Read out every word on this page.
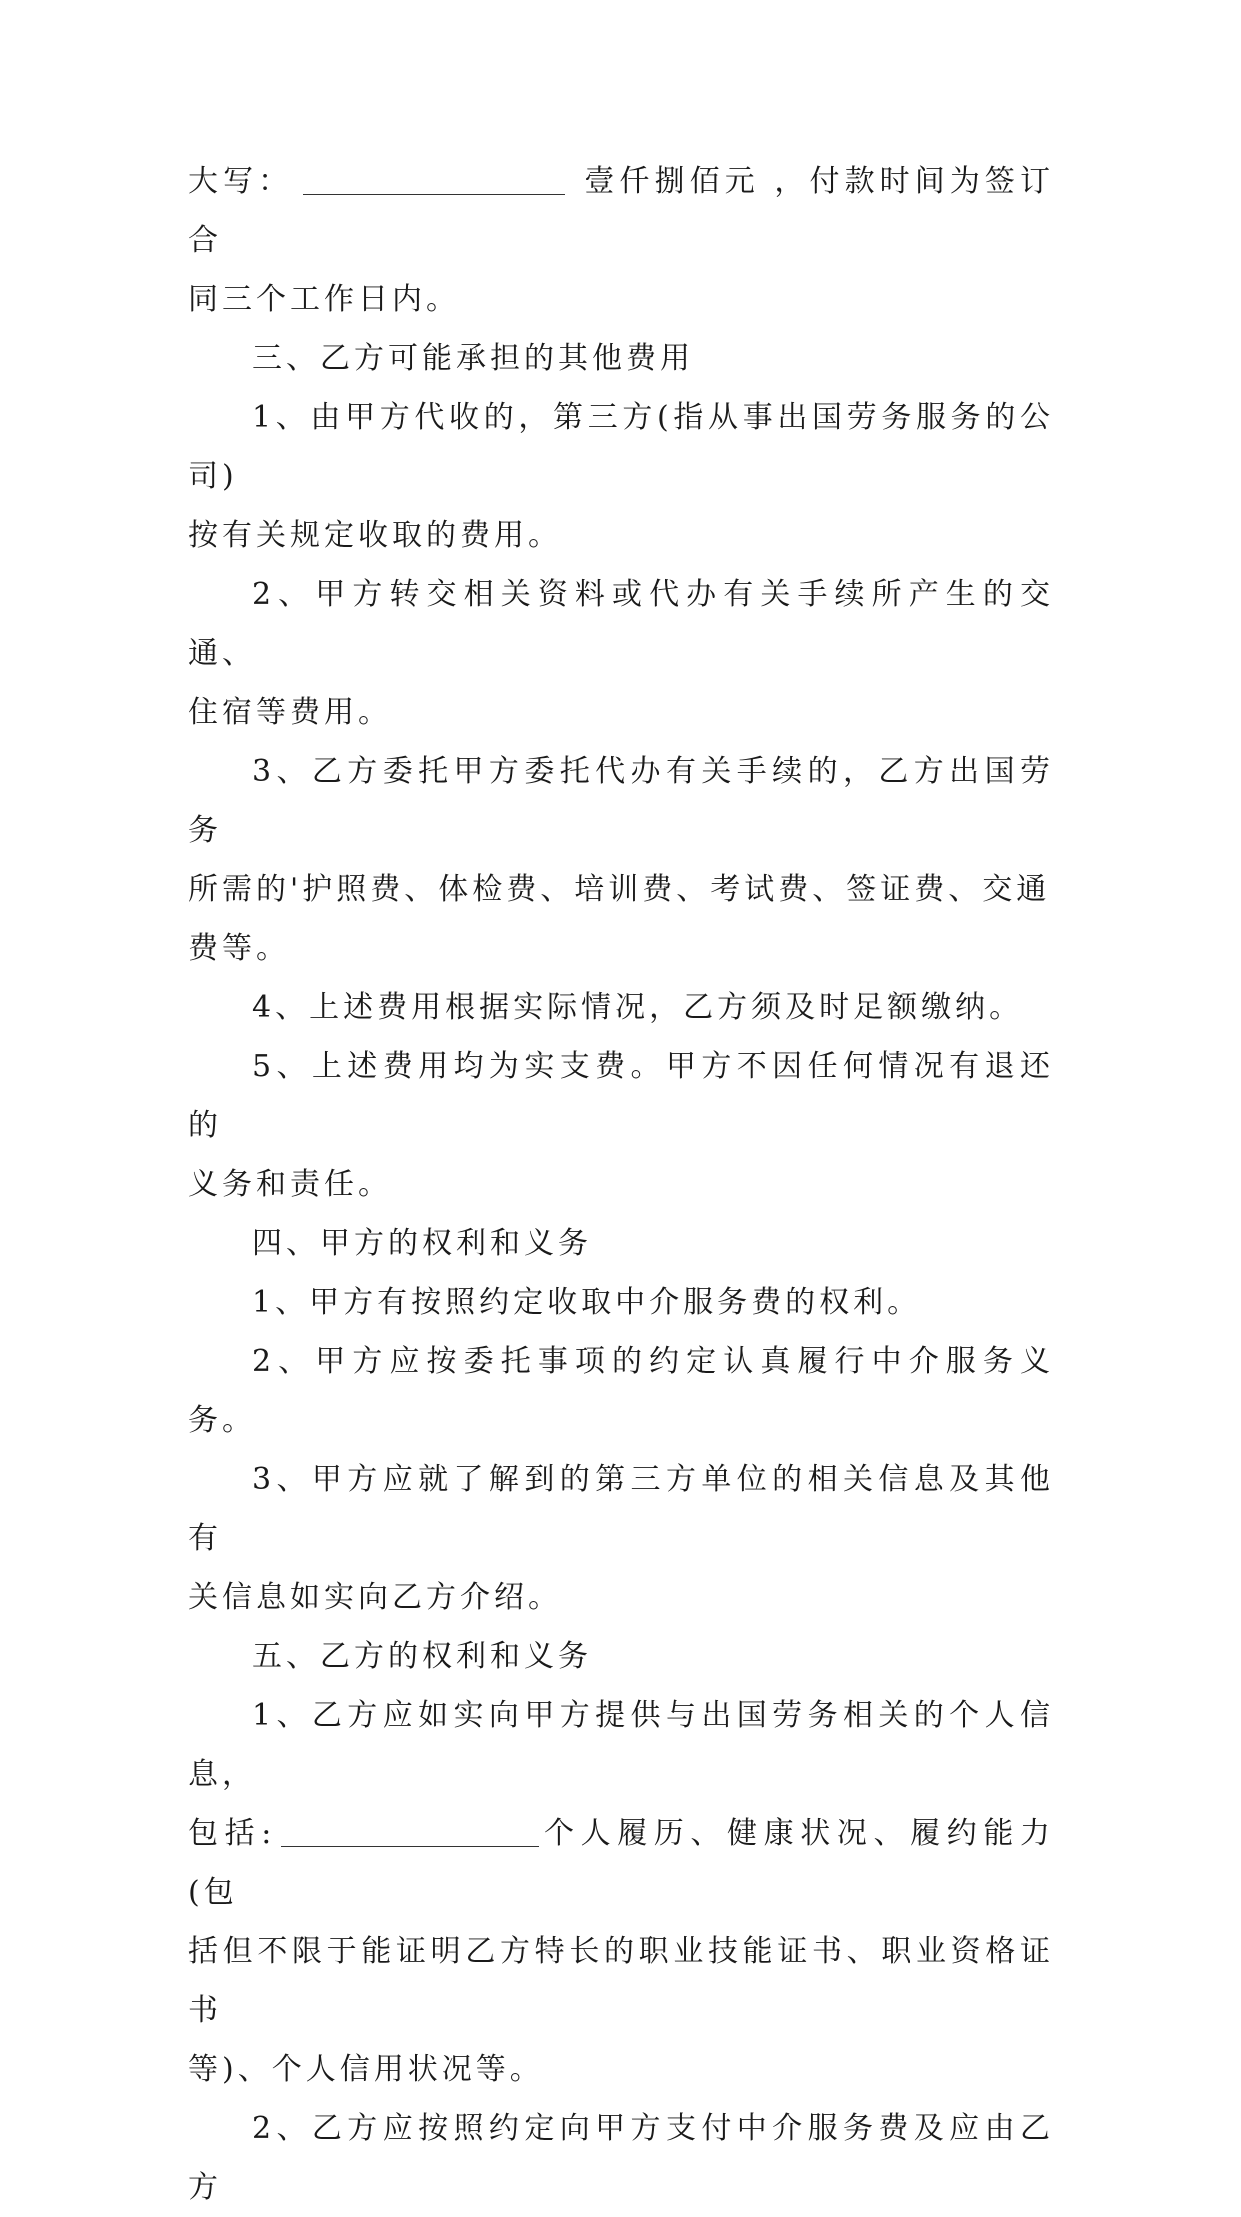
大写：	壹仟捌佰元 ，付款时间为签订合
同三个工作日内。

三、乙方可能承担的其他费用

1、由甲方代收的，第三方(指从事出国劳务服务的公司)
按有关规定收取的费用。

2、甲方转交相关资料或代办有关手续所产生的交通、
住宿等费用。

3、乙方委托甲方委托代办有关手续的，乙方出国劳务
所需的'护照费、体检费、培训费、考试费、签证费、交通
费等。

4、上述费用根据实际情况，乙方须及时足额缴纳。

5、上述费用均为实支费。甲方不因任何情况有退还的
义务和责任。

四、甲方的权利和义务

1、甲方有按照约定收取中介服务费的权利。

2、甲方应按委托事项的约定认真履行中介服务义务。

3、甲方应就了解到的第三方单位的相关信息及其他有
关信息如实向乙方介绍。

五、乙方的权利和义务

1、乙方应如实向甲方提供与出国劳务相关的个人信息，
包括:	个人履历、健康状况、履约能力(包
括但不限于能证明乙方特长的职业技能证书、职业资格证书
等)、个人信用状况等。

2、乙方应按照约定向甲方支付中介服务费及应由乙方
